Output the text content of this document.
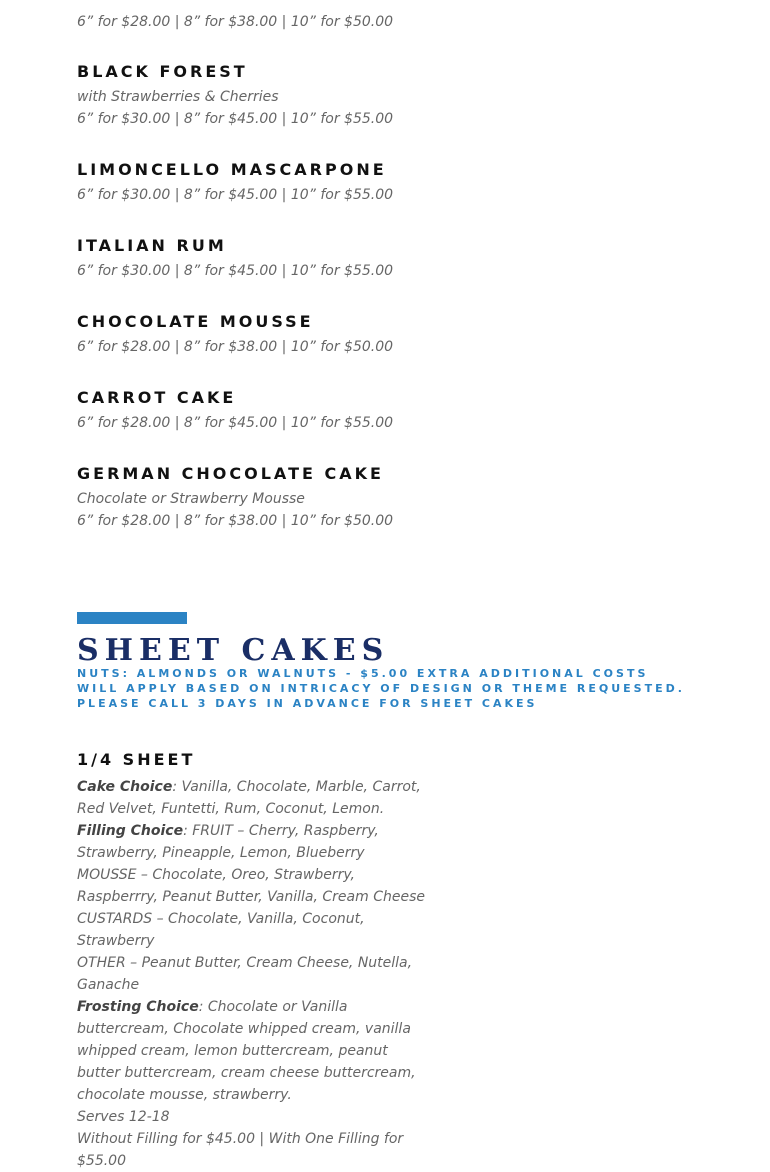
6” for $28.00 | 8” for $38.00 | 10” for $50.00
BLACK FOREST
with Strawberries & Cherries
6” for $30.00 | 8” for $45.00 | 10” for $55.00
LIMONCELLO MASCARPONE
6” for $30.00 | 8” for $45.00 | 10” for $55.00
ITALIAN RUM
6” for $30.00 | 8” for $45.00 | 10” for $55.00
CHOCOLATE MOUSSE
6” for $28.00 | 8” for $38.00 | 10” for $50.00
CARROT CAKE
6” for $28.00 | 8” for $45.00 | 10” for $55.00
GERMAN CHOCOLATE CAKE
Chocolate or Strawberry Mousse
6” for $28.00 | 8” for $38.00 | 10” for $50.00
SHEET CAKES
NUTS: ALMONDS OR WALNUTS - $5.00 EXTRA ADDITIONAL COSTS WILL APPLY BASED ON INTRICACY OF DESIGN OR THEME REQUESTED. PLEASE CALL 3 DAYS IN ADVANCE FOR SHEET CAKES
1/4 SHEET
Cake Choice: Vanilla, Chocolate, Marble, Carrot, Red Velvet, Funtetti, Rum, Coconut, Lemon.
Filling Choice: FRUIT – Cherry, Raspberry, Strawberry, Pineapple, Lemon, Blueberry
MOUSSE – Chocolate, Oreo, Strawberry, Raspberrry, Peanut Butter, Vanilla, Cream Cheese
CUSTARDS – Chocolate, Vanilla, Coconut, Strawberry
OTHER – Peanut Butter, Cream Cheese, Nutella, Ganache
Frosting Choice: Chocolate or Vanilla buttercream, Chocolate whipped cream, vanilla whipped cream, lemon buttercream, peanut butter buttercream, cream cheese buttercream, chocolate mousse, strawberry.
Serves 12-18
Without Filling for $45.00 | With One Filling for $55.00
